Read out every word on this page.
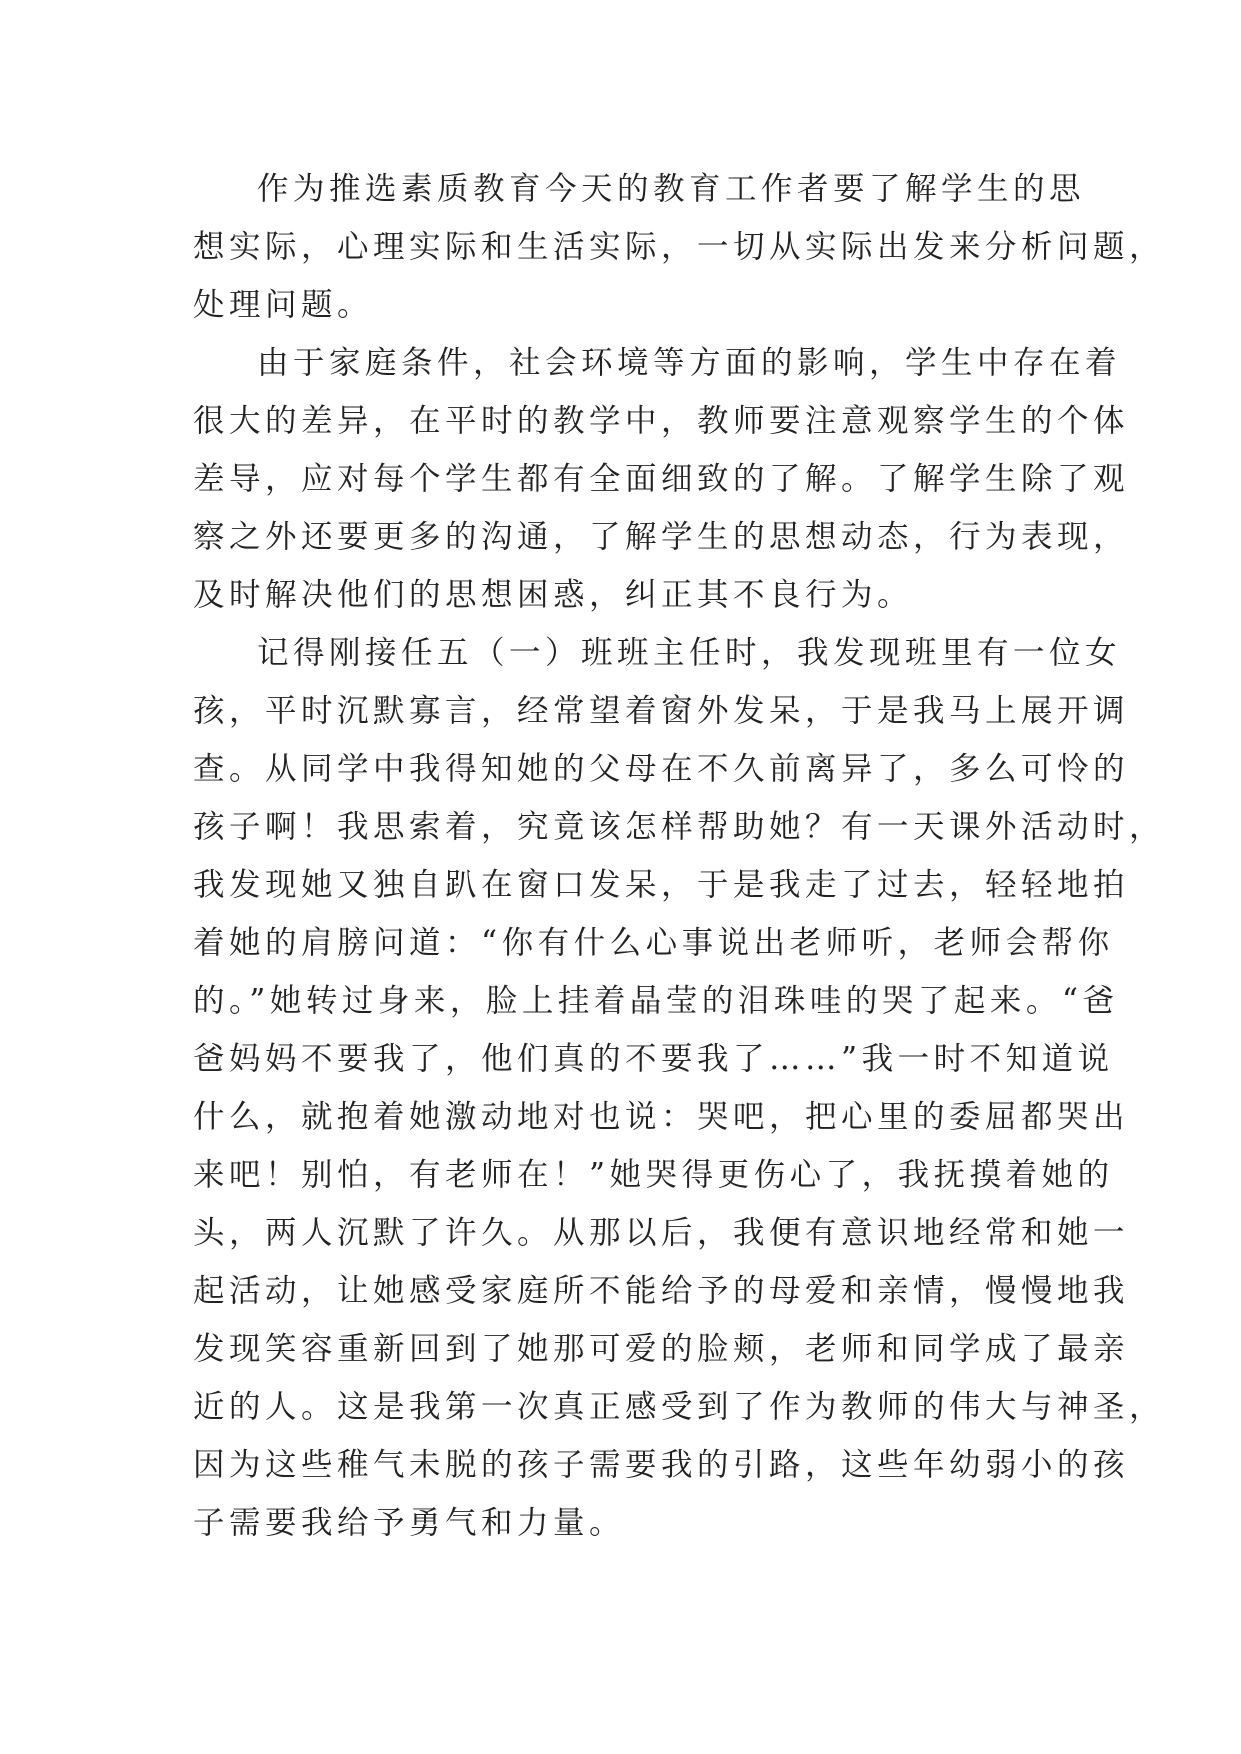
作为推选素质教育今天的教育工作者要了解学生的思
想实际，心理实际和生活实际，一切从实际出发来分析问题，
处理问题。
由于家庭条件，社会环境等方面的影响，学生中存在着
很大的差异，在平时的教学中，教师要注意观察学生的个体
差导，应对每个学生都有全面细致的了解。了解学生除了观
察之外还要更多的沟通，了解学生的思想动态，行为表现，
及时解决他们的思想困惑，纠正其不良行为。
记得刚接任五（一）班班主任时，我发现班里有一位女
孩，平时沉默寡言，经常望着窗外发呆，于是我马上展开调
查。从同学中我得知她的父母在不久前离异了，多么可怜的
孩子啊！我思索着，究竟该怎样帮助她？有一天课外活动时，
我发现她又独自趴在窗口发呆，于是我走了过去，轻轻地拍
着她的肩膀问道：“你有什么心事说出老师听，老师会帮你
的。”她转过身来，脸上挂着晶莹的泪珠哇的哭了起来。“爸
爸妈妈不要我了，他们真的不要我了……”我一时不知道说
什么，就抱着她激动地对也说：哭吧，把心里的委屈都哭出
来吧！别怕，有老师在！”她哭得更伤心了，我抚摸着她的
头，两人沉默了许久。从那以后，我便有意识地经常和她一
起活动，让她感受家庭所不能给予的母爱和亲情，慢慢地我
发现笑容重新回到了她那可爱的脸颊，老师和同学成了最亲
近的人。这是我第一次真正感受到了作为教师的伟大与神圣，
因为这些稚气未脱的孩子需要我的引路，这些年幼弱小的孩
子需要我给予勇气和力量。
